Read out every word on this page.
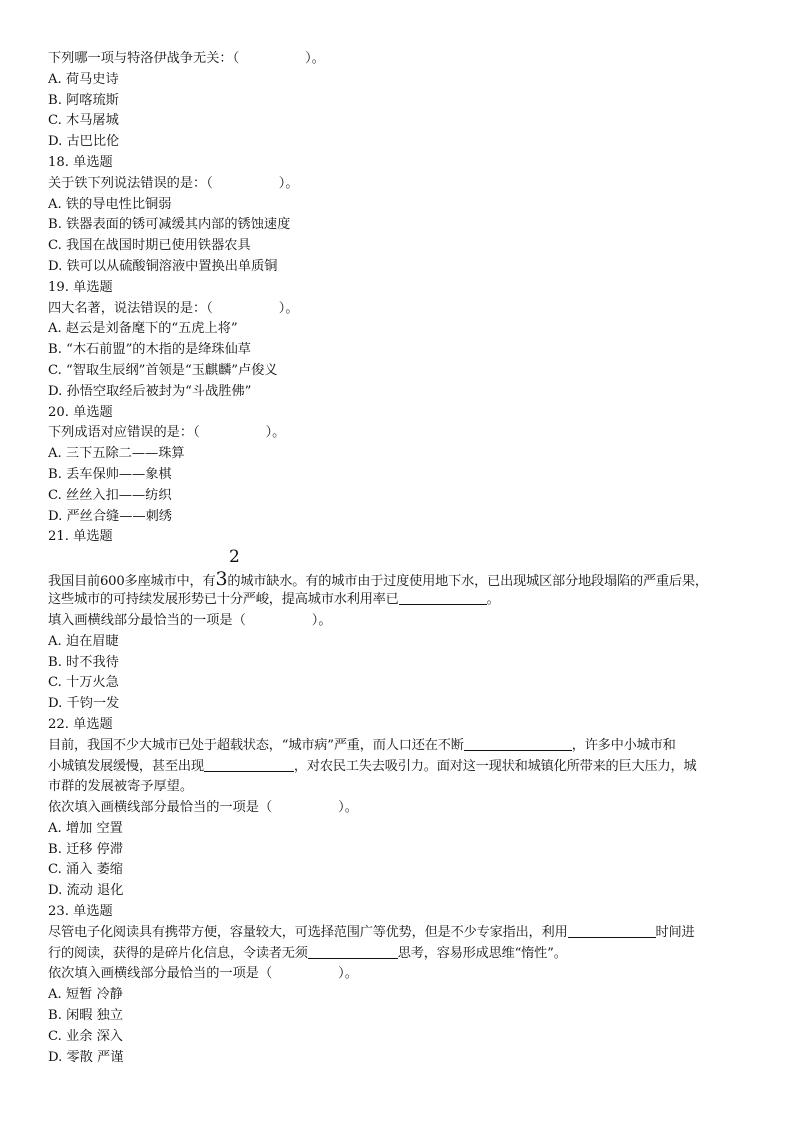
下列哪一项与特洛伊战争无关：（　　　　　）。
A. 荷马史诗
B. 阿喀琉斯
C. 木马屠城
D. 古巴比伦
18. 单选题
关于铁下列说法错误的是：（　　　　　）。
A. 铁的导电性比铜弱
B. 铁器表面的锈可减缓其内部的锈蚀速度
C. 我国在战国时期已使用铁器农具
D. 铁可以从硫酸铜溶液中置换出单质铜
19. 单选题
四大名著，说法错误的是：（　　　　　）。
A. 赵云是刘备麾下的“五虎上将”
B. “木石前盟”的木指的是绛珠仙草
C. “智取生辰纲”首领是“玉麒麟”卢俊义
D. 孙悟空取经后被封为“斗战胜佛”
20. 单选题
下列成语对应错误的是：（　　　　　）。
A. 三下五除二——珠算
B. 丢车保帅——象棋
C. 丝丝入扣——纺织
D. 严丝合缝——刺绣
21. 单选题
2
我国目前600多座城市中，有3的城市缺水。有的城市由于过度使用地下水，已出现城区部分地段塌陷的严重后果，
这些城市的可持续发展形势已十分严峻，提高城市水利用率已	。
填入画横线部分最恰当的一项是（　　　　　）。
A. 迫在眉睫
B. 时不我待
C. 十万火急
D. 千钧一发
22. 单选题
目前，我国不少大城市已处于超载状态，“城市病”严重，而人口还在不断	，许多中小城市和
小城镇发展缓慢，甚至出现	，对农民工失去吸引力。面对这一现状和城镇化所带来的巨大压力，城
市群的发展被寄予厚望。
依次填入画横线部分最恰当的一项是（　　　　　）。
A. 增加 空置
B. 迁移 停滞
C. 涌入 萎缩
D. 流动 退化
23. 单选题
尽管电子化阅读具有携带方便，容量较大，可选择范围广等优势，但是不少专家指出，利用	时间进
行的阅读，获得的是碎片化信息，令读者无须	思考，容易形成思维“惰性”。
依次填入画横线部分最恰当的一项是（　　　　　）。
A. 短暂 冷静
B. 闲暇 独立
C. 业余 深入
D. 零散 严谨
